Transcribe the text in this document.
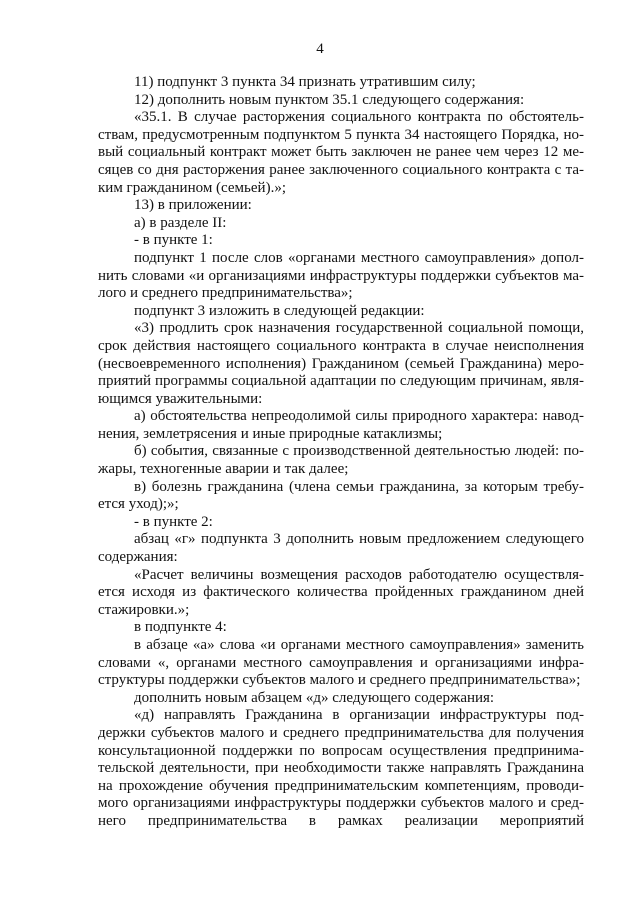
4

11) подпункт 3 пункта 34 признать утратившим силу;

12) дополнить новым пунктом 35.1 следующего содержания:

«35.1. В случае расторжения социального контракта по обстоятельствам, предусмотренным подпунктом 5 пункта 34 настоящего Порядка, новый социальный контракт может быть заключен не ранее чем через 12 месяцев со дня расторжения ранее заключенного социального контракта с таким гражданином (семьей).»;

13) в приложении:

а) в разделе II:

- в пункте 1:

подпункт 1 после слов «органами местного самоуправления» дополнить словами «и организациями инфраструктуры поддержки субъектов малого и среднего предпринимательства»;

подпункт 3 изложить в следующей редакции:

«3) продлить срок назначения государственной социальной помощи, срок действия настоящего социального контракта в случае неисполнения (несвоевременного исполнения) Гражданином (семьей Гражданина) мероприятий программы социальной адаптации по следующим причинам, являющимся уважительными:

а) обстоятельства непреодолимой силы природного характера: наводнения, землетрясения и иные природные катаклизмы;

б) события, связанные с производственной деятельностью людей: пожары, техногенные аварии и так далее;

в) болезнь гражданина (члена семьи гражданина, за которым требуется уход);»;

- в пункте 2:

абзац «г» подпункта 3 дополнить новым предложением следующего содержания:

«Расчет величины возмещения расходов работодателю осуществляется исходя из фактического количества пройденных гражданином дней стажировки.»;

в подпункте 4:

в абзаце «а» слова «и органами местного самоуправления» заменить словами «, органами местного самоуправления и организациями инфраструктуры поддержки субъектов малого и среднего предпринимательства»;

дополнить новым абзацем «д» следующего содержания:

«д) направлять Гражданина в организации инфраструктуры поддержки субъектов малого и среднего предпринимательства для получения консультационной поддержки по вопросам осуществления предпринимательской деятельности, при необходимости также направлять Гражданина на прохождение обучения предпринимательским компетенциям, проводимого организациями инфраструктуры поддержки субъектов малого и среднего предпринимательства в рамках реализации мероприятий
